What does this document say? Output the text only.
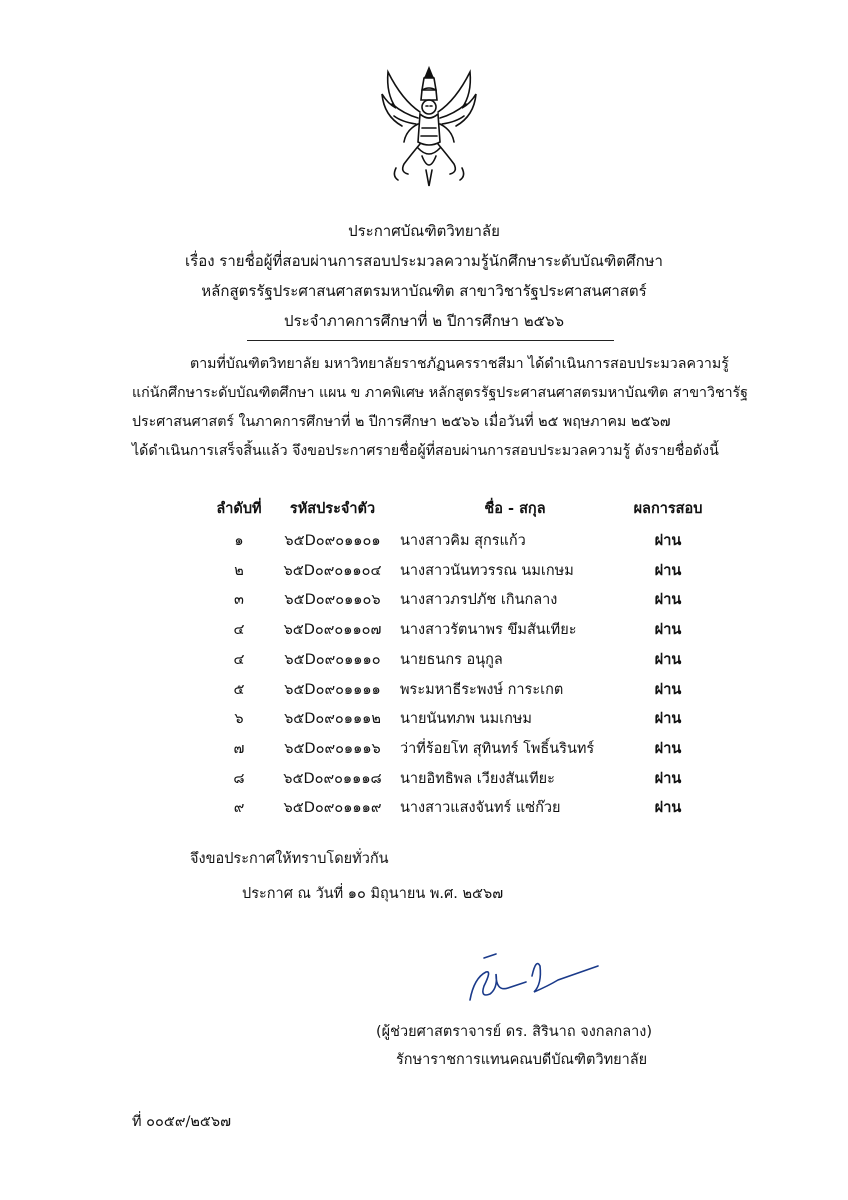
ประกาศบัณฑิตวิทยาลัย
เรื่อง รายชื่อผู้ที่สอบผ่านการสอบประมวลความรู้นักศึกษาระดับบัณฑิตศึกษา
หลักสูตรรัฐประศาสนศาสตรมหาบัณฑิต สาขาวิชารัฐประศาสนศาสตร์
ประจำภาคการศึกษาที่ ๒ ปีการศึกษา ๒๕๖๖
ตามที่บัณฑิตวิทยาลัย มหาวิทยาลัยราชภัฏนครราชสีมา ได้ดำเนินการสอบประมวลความรู้
แก่นักศึกษาระดับบัณฑิตศึกษา แผน ข ภาคพิเศษ หลักสูตรรัฐประศาสนศาสตรมหาบัณฑิต สาขาวิชารัฐ
ประศาสนศาสตร์ ในภาคการศึกษาที่ ๒ ปีการศึกษา ๒๕๖๖ เมื่อวันที่ ๒๕ พฤษภาคม ๒๕๖๗
ได้ดำเนินการเสร็จสิ้นแล้ว จึงขอประกาศรายชื่อผู้ที่สอบผ่านการสอบประมวลความรู้ ดังรายชื่อดังนี้
ลำดับที่	รหัสประจำตัว	ชื่อ - สกุล	ผลการสอบ
๑	๖๕D๐๙๐๑๑๐๑	นางสาวคิม สุกรแก้ว	ผ่าน
๒	๖๕D๐๙๐๑๑๐๔ นางสาวนันทวรรณ นมเกษม	ผ่าน
๓	๖๕D๐๙๐๑๑๐๖	นางสาวภรปภัช เกินกลาง	ผ่าน
๔	๖๕D๐๙๐๑๑๐๗ นางสาวรัตนาพร ขึมสันเทียะ	ผ่าน
๔	๖๕D๐๙๐๑๑๑๐	นายธนกร อนุกูล	ผ่าน
๕	๖๕D๐๙๐๑๑๑๑ พระมหาธีระพงษ์ การะเกต	ผ่าน
๖	๖๕D๐๙๐๑๑๑๒ นายนันทภพ นมเกษม	ผ่าน
๗	๖๕D๐๙๐๑๑๑๖ ว่าที่ร้อยโท สุทินทร์ โพธิ์นรินทร์	ผ่าน
๘	๖๕D๐๙๐๑๑๑๘ นายอิทธิพล เวียงสันเทียะ	ผ่าน
๙	๖๕D๐๙๐๑๑๑๙ นางสาวแสงจันทร์ แซ่ก๊วย	ผ่าน
จึงขอประกาศให้ทราบโดยทั่วกัน
ประกาศ ณ วันที่ ๑๐ มิถุนายน พ.ศ. ๒๕๖๗
(ผู้ช่วยศาสตราจารย์ ดร. สิรินาถ จงกลกลาง)
รักษาราชการแทนคณบดีบัณฑิตวิทยาลัย
ที่ ๐๐๕๙/๒๕๖๗
